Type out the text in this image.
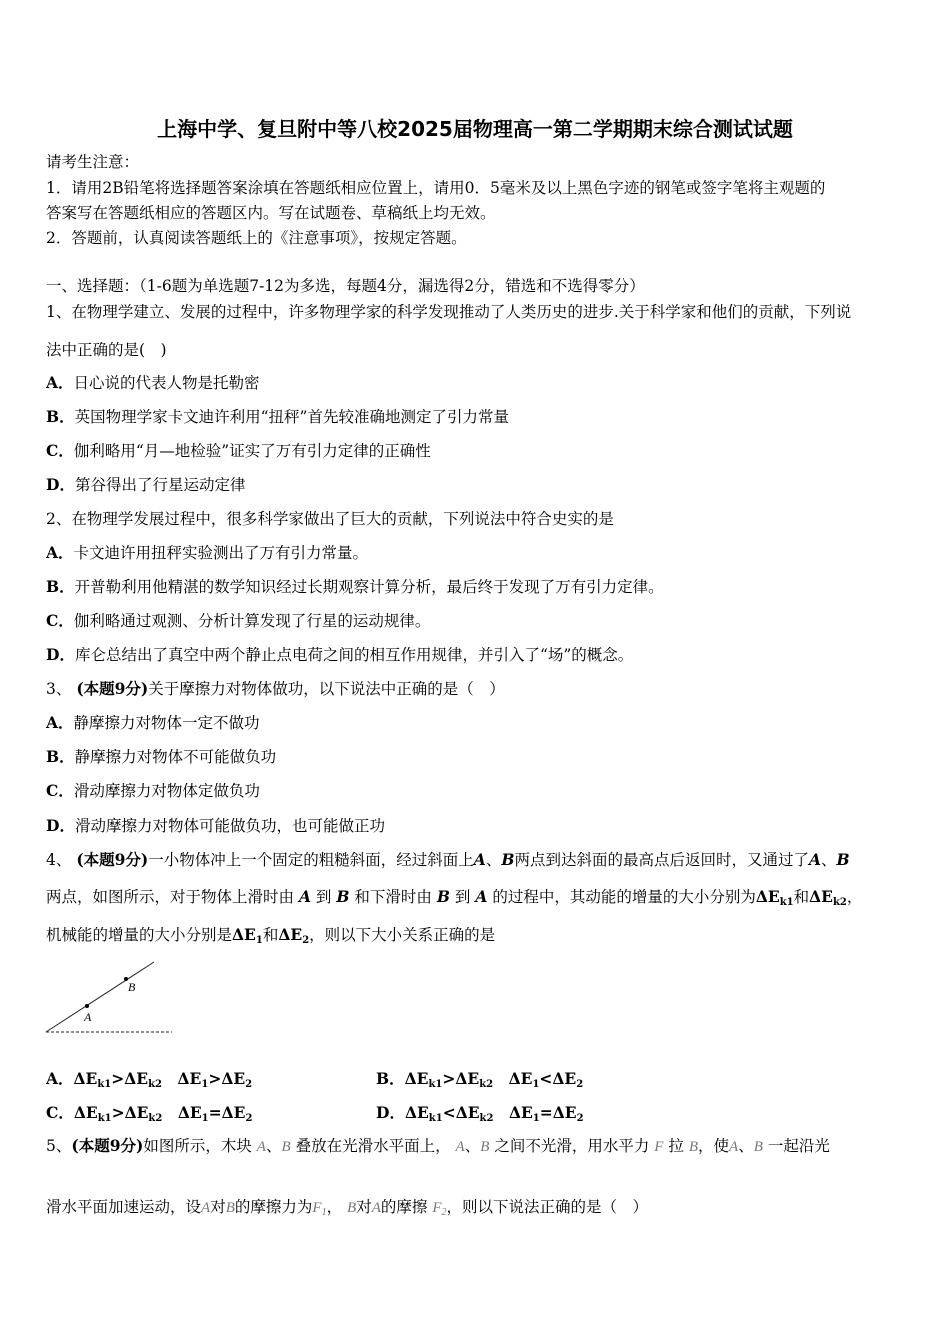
上海中学、复旦附中等八校2025届物理高一第二学期期末综合测试试题
请考生注意：
1．请用2B铅笔将选择题答案涂填在答题纸相应位置上，请用0．5毫米及以上黑色字迹的钢笔或签字笔将主观题的
答案写在答题纸相应的答题区内。写在试题卷、草稿纸上均无效。
2．答题前，认真阅读答题纸上的《注意事项》，按规定答题。
一、选择题：（1-6题为单选题7-12为多选，每题4分，漏选得2分，错选和不选得零分）
1、在物理学建立、发展的过程中，许多物理学家的科学发现推动了人类历史的进步.关于科学家和他们的贡献，下列说
法中正确的是(　)
A．日心说的代表人物是托勒密
B．英国物理学家卡文迪许利用“扭秤”首先较准确地测定了引力常量
C．伽利略用“月—地检验”证实了万有引力定律的正确性
D．第谷得出了行星运动定律
2、在物理学发展过程中，很多科学家做出了巨大的贡献，下列说法中符合史实的是
A．卡文迪许用扭秤实验测出了万有引力常量。
B．开普勒利用他精湛的数学知识经过长期观察计算分析，最后终于发现了万有引力定律。
C．伽利略通过观测、分析计算发现了行星的运动规律。
D．库仑总结出了真空中两个静止点电荷之间的相互作用规律，并引入了“场”的概念。
3、 (本题9分)关于摩擦力对物体做功，以下说法中正确的是（　）
A．静摩擦力对物体一定不做功
B．静摩擦力对物体不可能做负功
C．滑动摩擦力对物体定做负功
D．滑动摩擦力对物体可能做负功，也可能做正功
4、 (本题9分)一小物体冲上一个固定的粗糙斜面，经过斜面上A、B两点到达斜面的最高点后返回时，又通过了A、B
两点，如图所示，对于物体上滑时由 A 到 B 和下滑时由 B 到 A 的过程中，其动能的增量的大小分别为$\Delta E_{k1}$和$\Delta E_{k2}$，
机械能的增量的大小分别是$\Delta E_1$和$\Delta E_2$，则以下大小关系正确的是
A
B
A．$\Delta E_{k1}>\Delta E_{k2}$　 $\Delta E_1>\Delta E_2$	B．$\Delta E_{k1}>\Delta E_{k2}$　 $\Delta E_1<\Delta E_2$
C．$\Delta E_{k1}>\Delta E_{k2}$　 $\Delta E_1=\Delta E_2$	D．$\Delta E_{k1}<\Delta E_{k2}$　 $\Delta E_1=\Delta E_2$
5、(本题9分)如图所示，木块 A、B 叠放在光滑水平面上， A、B 之间不光滑，用水平力 F 拉 B，使A、B 一起沿光
滑水平面加速运动，设A对B的摩擦力为$F_1$， B对A的摩擦 $F_2$，则以下说法正确的是（　）
